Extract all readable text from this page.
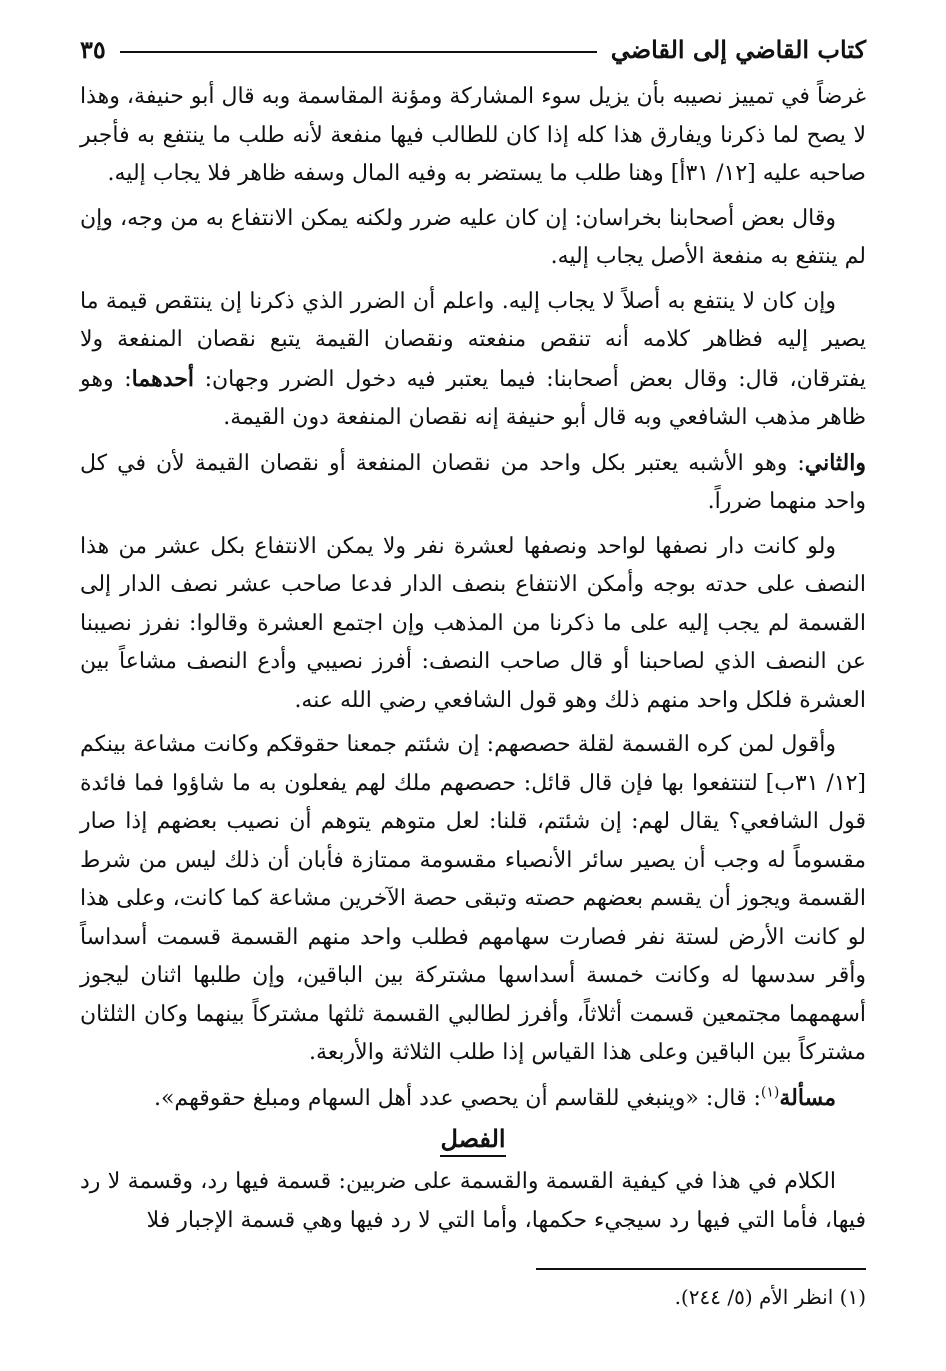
كتاب القاضي إلى القاضي
٣٥

غرضاً في تمييز نصيبه بأن يزيل سوء المشاركة ومؤنة المقاسمة وبه قال أبو حنيفة، وهذا لا يصح لما ذكرنا ويفارق هذا كله إذا كان للطالب فيها منفعة لأنه طلب ما ينتفع به فأجبر صاحبه عليه [١٢/ ٣١أ] وهنا طلب ما يستضر به وفيه المال وسفه ظاهر فلا يجاب إليه.

وقال بعض أصحابنا بخراسان: إن كان عليه ضرر ولكنه يمكن الانتفاع به من وجه، وإن لم ينتفع به منفعة الأصل يجاب إليه.

وإن كان لا ينتفع به أصلاً لا يجاب إليه. واعلم أن الضرر الذي ذكرنا إن ينتقص قيمة ما يصير إليه فظاهر كلامه أنه تنقص منفعته ونقصان القيمة يتبع نقصان المنفعة ولا يفترقان، قال: وقال بعض أصحابنا: فيما يعتبر فيه دخول الضرر وجهان: أحدهما: وهو ظاهر مذهب الشافعي وبه قال أبو حنيفة إنه نقصان المنفعة دون القيمة.

والثاني: وهو الأشبه يعتبر بكل واحد من نقصان المنفعة أو نقصان القيمة لأن في كل واحد منهما ضرراً.

ولو كانت دار نصفها لواحد ونصفها لعشرة نفر ولا يمكن الانتفاع بكل عشر من هذا النصف على حدته بوجه وأمكن الانتفاع بنصف الدار فدعا صاحب عشر نصف الدار إلى القسمة لم يجب إليه على ما ذكرنا من المذهب وإن اجتمع العشرة وقالوا: نفرز نصيبنا عن النصف الذي لصاحبنا أو قال صاحب النصف: أفرز نصيبي وأدع النصف مشاعاً بين العشرة فلكل واحد منهم ذلك وهو قول الشافعي رضي الله عنه.

وأقول لمن كره القسمة لقلة حصصهم: إن شئتم جمعنا حقوقكم وكانت مشاعة بينكم [١٢/ ٣١ب] لتنتفعوا بها فإن قال قائل: حصصهم ملك لهم يفعلون به ما شاؤوا فما فائدة قول الشافعي؟ يقال لهم: إن شئتم، قلنا: لعل متوهم يتوهم أن نصيب بعضهم إذا صار مقسوماً له وجب أن يصير سائر الأنصباء مقسومة ممتازة فأبان أن ذلك ليس من شرط القسمة ويجوز أن يقسم بعضهم حصته وتبقى حصة الآخرين مشاعة كما كانت، وعلى هذا لو كانت الأرض لستة نفر فصارت سهامهم فطلب واحد منهم القسمة قسمت أسداساً وأقر سدسها له وكانت خمسة أسداسها مشتركة بين الباقين، وإن طلبها اثنان ليجوز أسهمهما مجتمعين قسمت أثلاثاً، وأفرز لطالبي القسمة ثلثها مشتركاً بينهما وكان الثلثان مشتركاً بين الباقين وعلى هذا القياس إذا طلب الثلاثة والأربعة.

مسألة$^{(١)}$: قال: «وينبغي للقاسم أن يحصي عدد أهل السهام ومبلغ حقوقهم».

الفصل

الكلام في هذا في كيفية القسمة والقسمة على ضربين: قسمة فيها رد، وقسمة لا رد فيها، فأما التي فيها رد سيجيء حكمها، وأما التي لا رد فيها وهي قسمة الإجبار فلا

(١) انظر الأم (٥/ ٢٤٤).
